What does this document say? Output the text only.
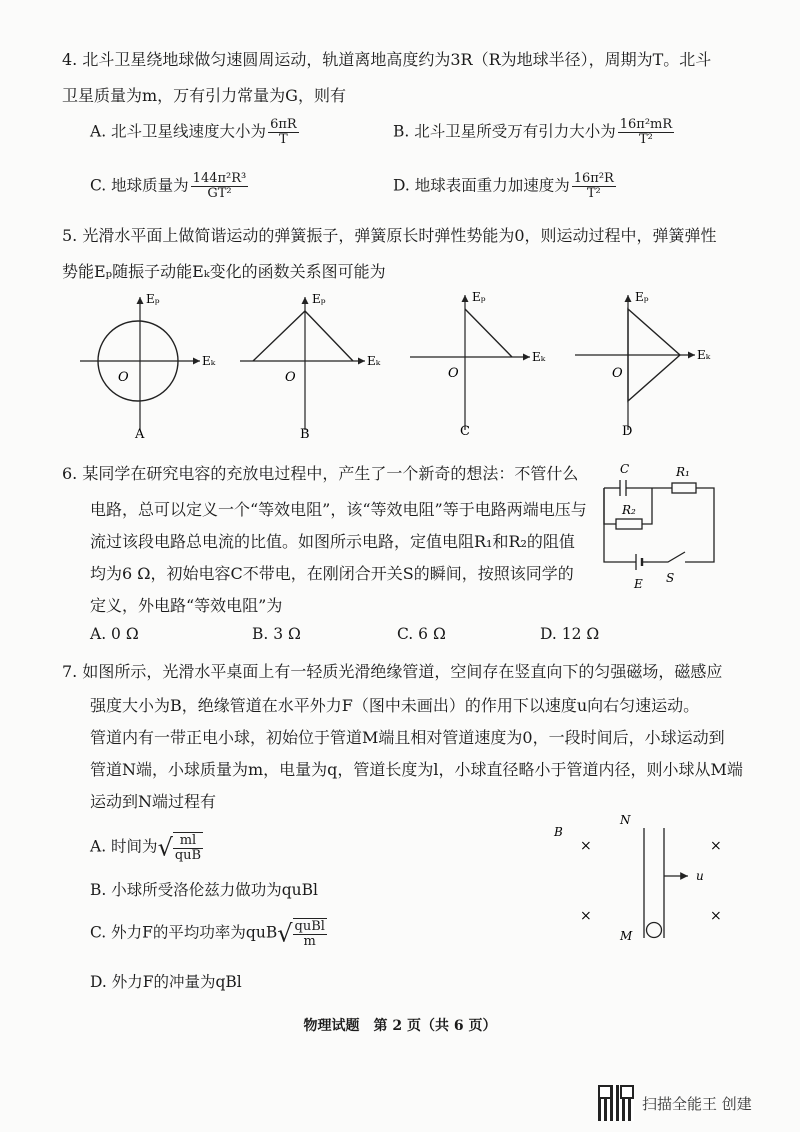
4. 北斗卫星绕地球做匀速圆周运动，轨道离地高度约为3R（R为地球半径），周期为T。北斗
卫星质量为m，万有引力常量为G，则有
A. 北斗卫星线速度大小为 $\frac{6\pi R}{T}$	B. 北斗卫星所受万有引力大小为 $\frac{\text{16π²mR}}{\text{T²}}$
C. 地球质量为 $\frac{\text{144π²R³}}{\text{GT²}}$	D. 地球表面重力加速度为 $\frac{\text{16π²R}}{\text{T²}}$
5. 光滑水平面上做简谐运动的弹簧振子，弹簧原长时弹性势能为0，则运动过程中，弹簧弹性
势能Eₚ随振子动能Eₖ变化的函数关系图可能为
Eₚ
Eₖ
O
A
Eₚ
Eₖ
O
B
Eₚ
Eₖ
O
C
Eₚ
Eₖ
O
D
6. 某同学在研究电容的充放电过程中，产生了一个新奇的想法：不管什么
电路，总可以定义一个“等效电阻”，该“等效电阻”等于电路两端电压与
流过该段电路总电流的比值。如图所示电路，定值电阻R₁和R₂的阻值
均为6 Ω，初始电容C不带电，在刚闭合开关S的瞬间，按照该同学的
定义，外电路“等效电阻”为
C	R₁
R₂
E S
A. 0 Ω	B. 3 Ω	C. 6 Ω	D. 12 Ω
7. 如图所示，光滑水平桌面上有一轻质光滑绝缘管道，空间存在竖直向下的匀强磁场，磁感应
强度大小为B，绝缘管道在水平外力F（图中未画出）的作用下以速度u向右匀速运动。
管道内有一带正电小球，初始位于管道M端且相对管道速度为0，一段时间后，小球运动到
管道N端，小球质量为m，电量为q，管道长度为l，小球直径略小于管道内径，则小球从M端
运动到N端过程有
A. 时间为√ $\frac{ml}{\text{quB}}$
B. 小球所受洛伦兹力做功为quBl
C. 外力F的平均功率为$quB√ \frac{\text{quBl}}{m}$
D. 外力F的冲量为qBl
B
N
×	×
×	×
u
M
物理试题　第 2 页（共 6 页）
扫描全能王 创建
